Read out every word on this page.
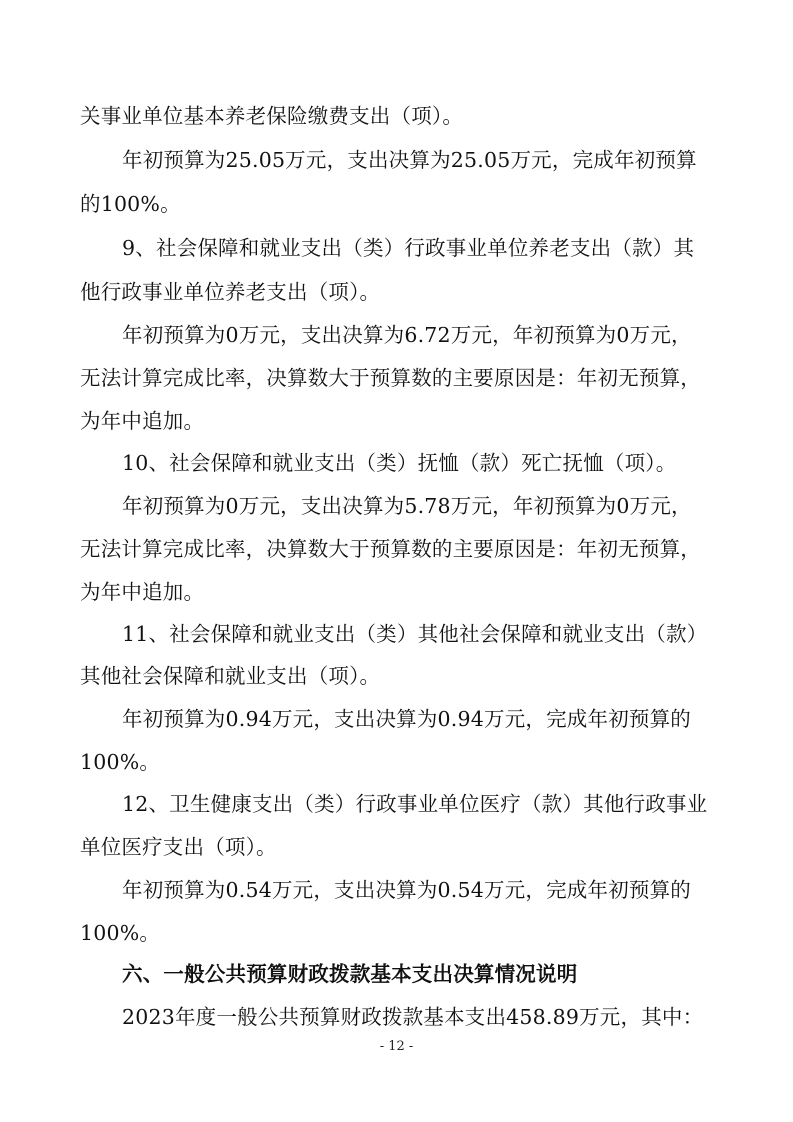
关事业单位基本养老保险缴费支出（项）。
年初预算为25.05万元，支出决算为25.05万元，完成年初预算
的100%。
9、社会保障和就业支出（类）行政事业单位养老支出（款）其
他行政事业单位养老支出（项）。
年初预算为0万元，支出决算为6.72万元，年初预算为0万元，
无法计算完成比率，决算数大于预算数的主要原因是：年初无预算，
为年中追加。
10、社会保障和就业支出（类）抚恤（款）死亡抚恤（项）。
年初预算为0万元，支出决算为5.78万元，年初预算为0万元，
无法计算完成比率，决算数大于预算数的主要原因是：年初无预算，
为年中追加。
11、社会保障和就业支出（类）其他社会保障和就业支出（款）
其他社会保障和就业支出（项）。
年初预算为0.94万元，支出决算为0.94万元，完成年初预算的
100%。
12、卫生健康支出（类）行政事业单位医疗（款）其他行政事业
单位医疗支出（项）。
年初预算为0.54万元，支出决算为0.54万元，完成年初预算的
100%。
六、一般公共预算财政拨款基本支出决算情况说明
2023年度一般公共预算财政拨款基本支出458.89万元，其中：
- 12 -
